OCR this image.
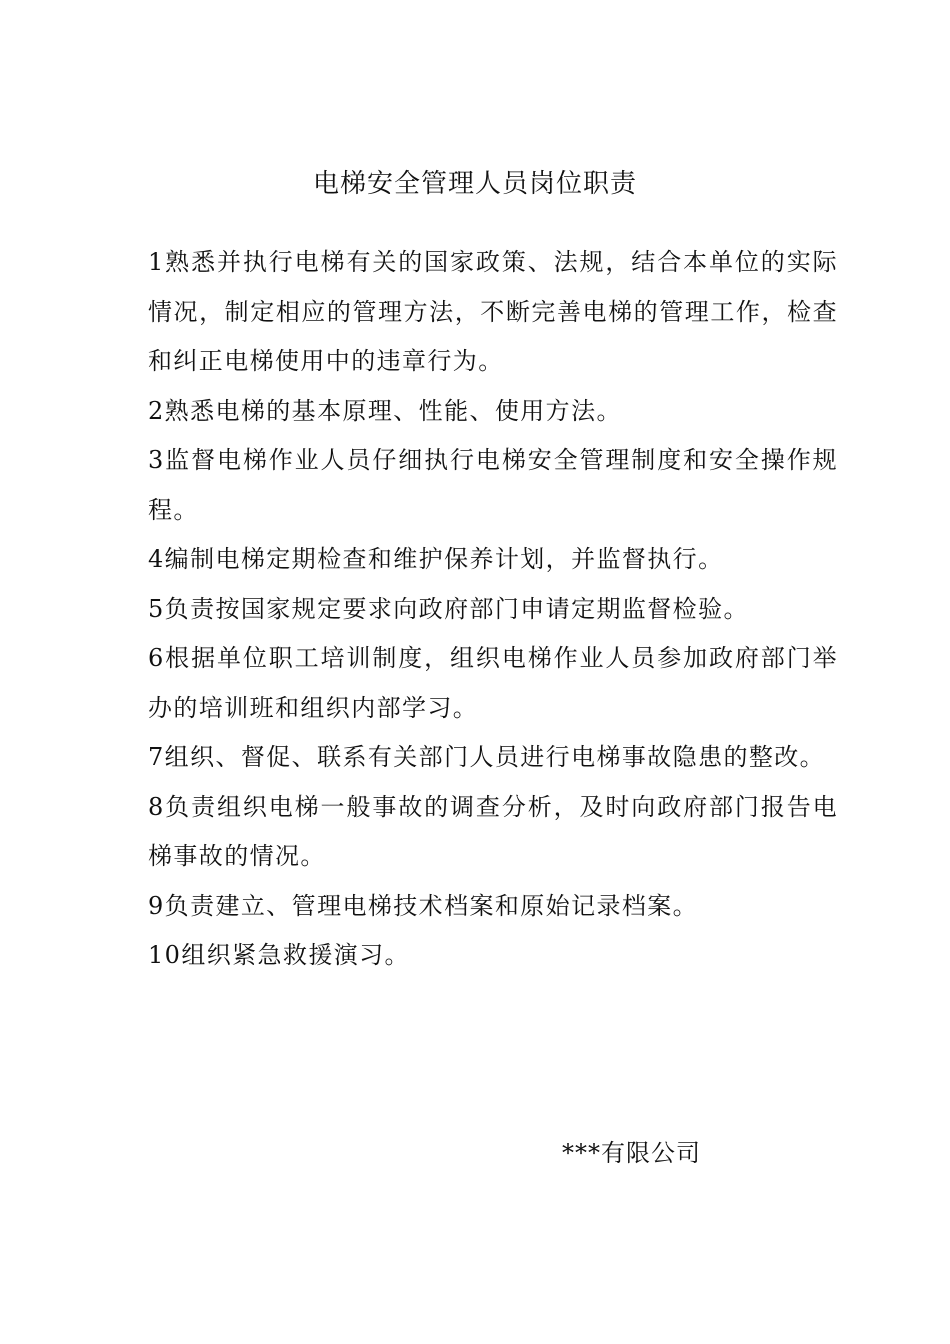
电梯安全管理人员岗位职责

1熟悉并执行电梯有关的国家政策、法规，结合本单位的实际情况，制定相应的管理方法，不断完善电梯的管理工作，检查和纠正电梯使用中的违章行为。

2熟悉电梯的基本原理、性能、使用方法。

3监督电梯作业人员仔细执行电梯安全管理制度和安全操作规程。

4编制电梯定期检查和维护保养计划，并监督执行。

5负责按国家规定要求向政府部门申请定期监督检验。

6根据单位职工培训制度，组织电梯作业人员参加政府部门举办的培训班和组织内部学习。

7组织、督促、联系有关部门人员进行电梯事故隐患的整改。

8负责组织电梯一般事故的调查分析，及时向政府部门报告电梯事故的情况。

9负责建立、管理电梯技术档案和原始记录档案。

10组织紧急救援演习。

***有限公司
